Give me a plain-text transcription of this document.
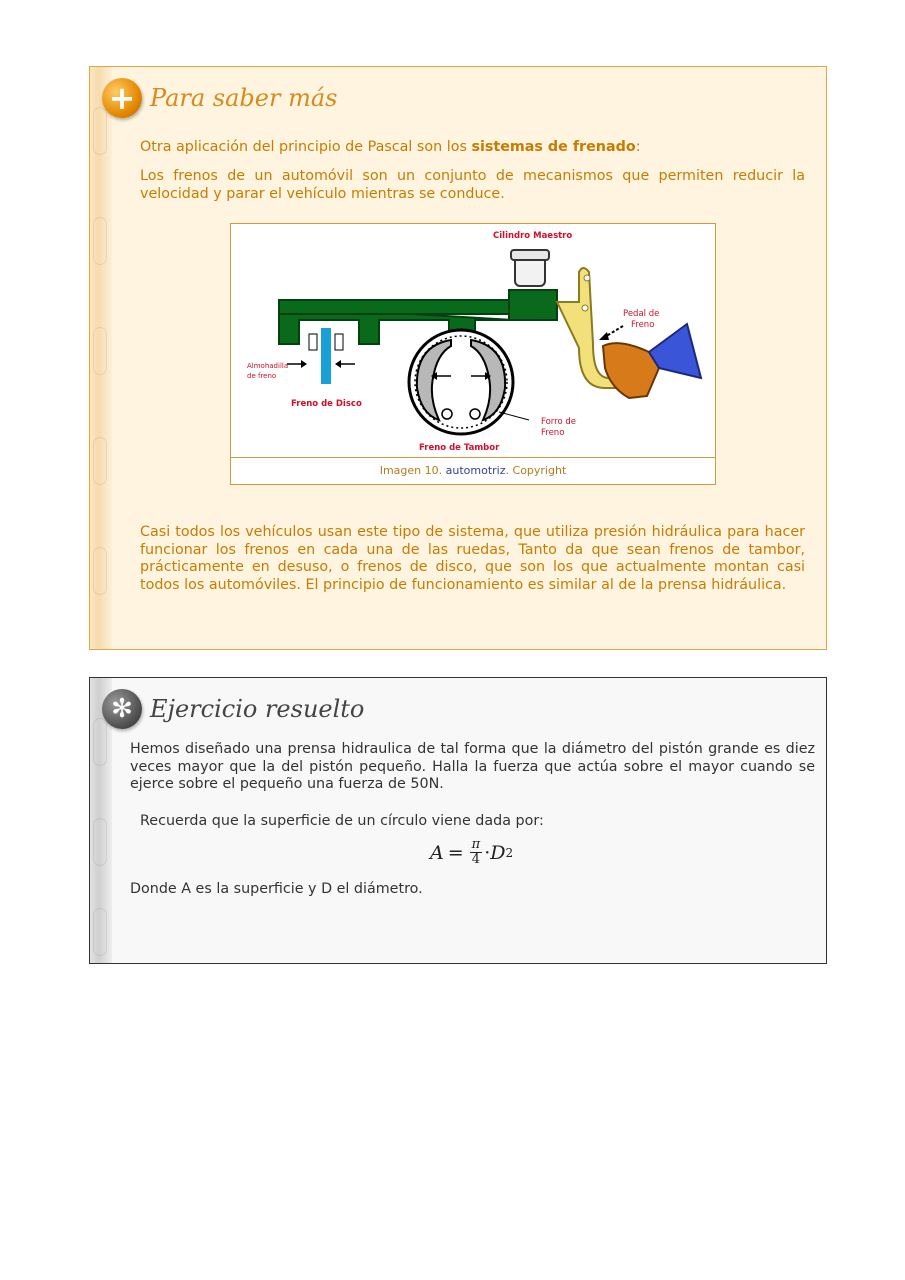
+ Para saber más

Otra aplicación del principio de Pascal son los sistemas de frenado:

Los frenos de un automóvil son un conjunto de mecanismos que permiten reducir la velocidad y parar el vehículo mientras se conduce.

Cilindro Maestro
Pedal de
Freno
Almohadilla
de freno
Freno de Disco
Forro de
Freno
Freno de Tambor
Imagen 10. automotriz. Copyright

Casi todos los vehículos usan este tipo de sistema, que utiliza presión hidráulica para hacer funcionar los frenos en cada una de las ruedas, Tanto da que sean frenos de tambor, prácticamente en desuso, o frenos de disco, que son los que actualmente montan casi todos los automóviles. El principio de funcionamiento es similar al de la prensa hidráulica.

✻ Ejercicio resuelto

Hemos diseñado una prensa hidraulica de tal forma que la diámetro del pistón grande es diez veces mayor que la del pistón pequeño. Halla la fuerza que actúa sobre el mayor cuando se ejerce sobre el pequeño una fuerza de 50N.

Recuerda que la superficie de un círculo viene dada por:

$A = \frac{\pi}{4} \cdot D$ 2

Donde A es la superficie y D el diámetro.
